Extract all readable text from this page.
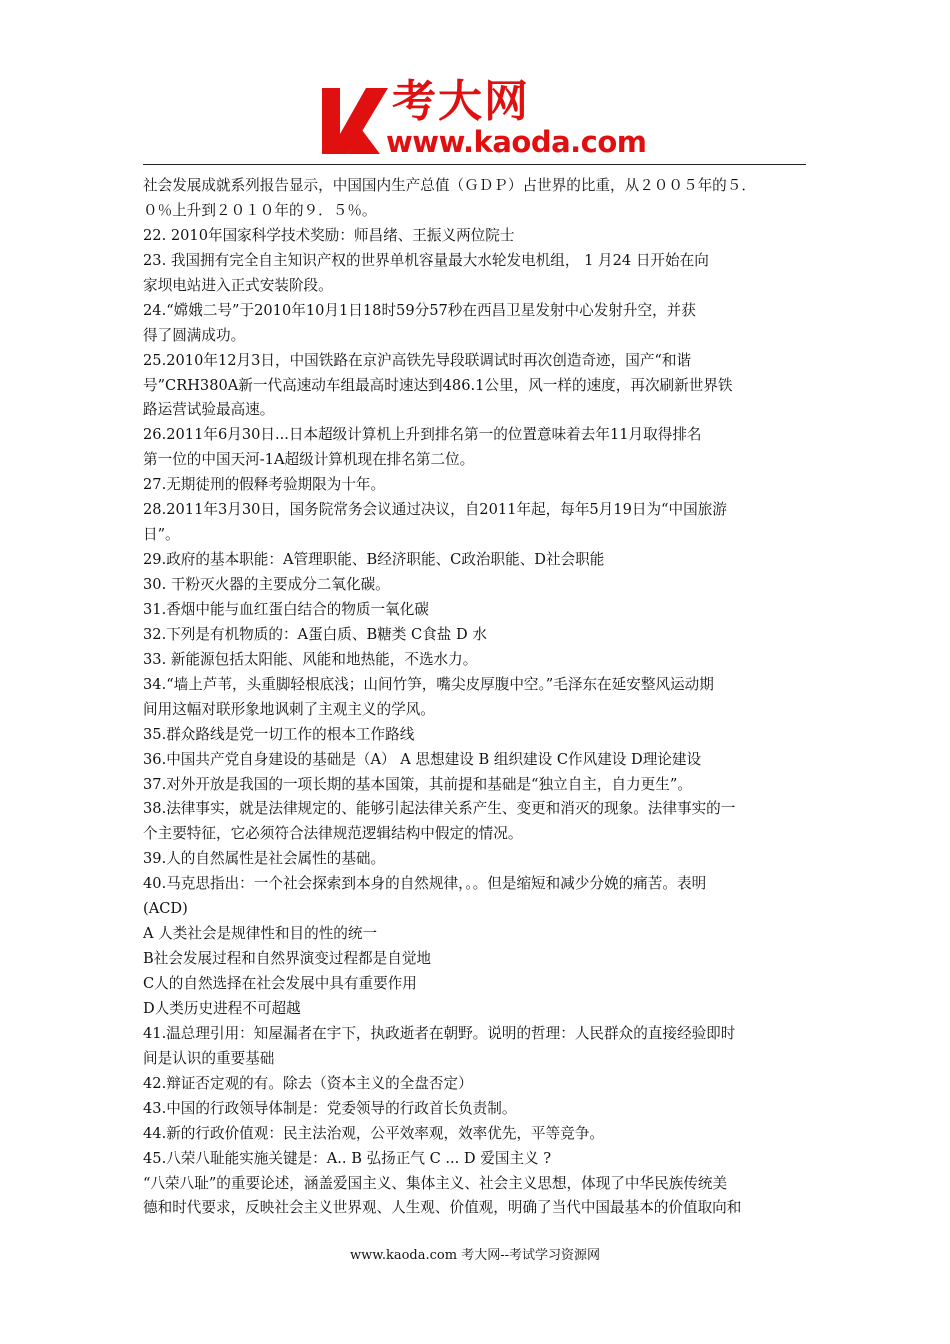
考大网
www.kaoda.com
社会发展成就系列报告显示，中国国内生产总值（ＧＤＰ）占世界的比重，从２００５年的５．
０％上升到２０１０年的９．５％。
22. 2010年国家科学技术奖励：师昌绪、王振义两位院士
23. 我国拥有完全自主知识产权的世界单机容量最大水轮发电机组， 1 月24 日开始在向
家坝电站进入正式安装阶段。
24.“嫦娥二号”于2010年10月1日18时59分57秒在西昌卫星发射中心发射升空，并获
得了圆满成功。
25.2010年12月3日，中国铁路在京沪高铁先导段联调试时再次创造奇迹，国产“和谐
号”CRH380A新一代高速动车组最高时速达到486.1公里，风一样的速度，再次刷新世界铁
路运营试验最高速。
26.2011年6月30日...日本超级计算机上升到排名第一的位置意味着去年11月取得排名
第一位的中国天河-1A超级计算机现在排名第二位。
27.无期徒刑的假释考验期限为十年。
28.2011年3月30日，国务院常务会议通过决议，自2011年起，每年5月19日为“中国旅游
日”。
29.政府的基本职能：A管理职能、B经济职能、C政治职能、D社会职能
30. 干粉灭火器的主要成分二氧化碳。
31.香烟中能与血红蛋白结合的物质一氧化碳
32.下列是有机物质的：A蛋白质、B糖类 C食盐 D 水
33. 新能源包括太阳能、风能和地热能，不选水力。
34.“墙上芦苇，头重脚轻根底浅；山间竹笋，嘴尖皮厚腹中空。”毛泽东在延安整风运动期
间用这幅对联形象地讽刺了主观主义的学风。
35.群众路线是党一切工作的根本工作路线
36.中国共产党自身建设的基础是（A） A 思想建设 B 组织建设 C作风建设 D理论建设
37.对外开放是我国的一项长期的基本国策，其前提和基础是“独立自主，自力更生”。
38.法律事实，就是法律规定的、能够引起法律关系产生、变更和消灭的现象。法律事实的一
个主要特征，它必须符合法律规范逻辑结构中假定的情况。
39.人的自然属性是社会属性的基础。
40.马克思指出：一个社会探索到本身的自然规律，。。但是缩短和减少分娩的痛苦。表明
(ACD)
A 人类社会是规律性和目的性的统一
B社会发展过程和自然界演变过程都是自觉地
C人的自然选择在社会发展中具有重要作用
D人类历史进程不可超越
41.温总理引用：知屋漏者在宇下，执政逝者在朝野。说明的哲理：人民群众的直接经验即时
间是认识的重要基础
42.辩证否定观的有。除去（资本主义的全盘否定）
43.中国的行政领导体制是：党委领导的行政首长负责制。
44.新的行政价值观：民主法治观，公平效率观，效率优先，平等竞争。
45.八荣八耻能实施关键是：A.. B 弘扬正气 C ... D 爱国主义 ?
“八荣八耻”的重要论述，涵盖爱国主义、集体主义、社会主义思想，体现了中华民族传统美
德和时代要求，反映社会主义世界观、人生观、价值观，明确了当代中国最基本的价值取向和
www.kaoda.com 考大网--考试学习资源网
